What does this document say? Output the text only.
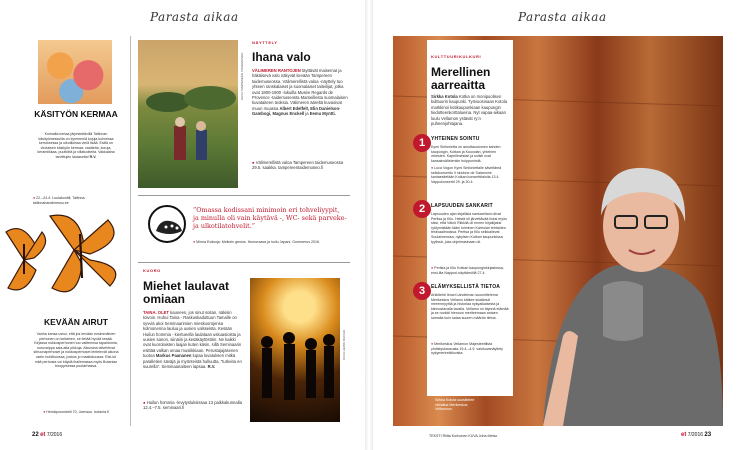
Parasta aikaa
KÄSITYÖN KERMAA
Koimalta kertaa järjestettävillä Tallinnan käsityömessuilla on kymmeniä kojuja kolmessa kerroksessa ja ulkotiloissa vielä lisää. Esillä on virolaisen käsityön kermaa: vaatteita, koruja, keramiikkaa, puuttöitä ja villatuotteita. Vakkaiana tarvittujen lautaselta! R.V.
● 22.–24.4. Luulakonttii, Tallinna. tallinnahandimessu.ee
KEVÄÄN AIRUT
Vanha kansa uskoi, että jos kevään ensimmäinen perhonen on keltainen, se tietää hyvää kesää. Kirjassa nokkosperhonen tuo valtteensa tapahtumia, suruvaippa sala-aita pikkuja. Aikuisina talvehtivat sitruunaperhoset ja nokkosperhoset lentelevät aikona usein huhtikuussa, joskus jo maaliskuussa. Etsi-kö mitä perhosia voi käydä ihailemassa myös Botanian trooppisessa puutarhassa.
● Heinäpuronlahti 70, Joensuu. botania.fi
KUVA TAMPEREEN TAIDEMUSEO
NÄYTTELY
Ihana valo
VÄLIMEREN RANTOJEN täyttävät maisemat ja häkäisevä valo näkyvät kevään Tampereen taidemuseossa. Välimerellistä valoa -näyttely tuo yhteen ranskalaiset ja suomalaiset taiteilijat, jotka ovat 1800-1900 -lukuilla Musée Regards de Provence -taidemuseosta Marseillesta suomalaisen kuvataiteen teoksia. Välimeren ääreltä kuvaoivat muun muassa Albert Edelfelt, Elin Danielson-Gambogi, Magnus Enckell ja Eemu Myntti.
● Välimerellistä valoa Tampereen taidemuseossa 29.5. saakka. tampereentaidemuseo.fi
”Omassa kodissani minimoin eri tohveliyypit, ja minulla oli vain käytävä -, WC- sekä parveke- ja ulkotilatohvelit.”
● Minna Eväsoja: Meikein genius. Humoraava ja hullu Japani. Gummerus 2016.
KUORO
Miehet laulavat omiaan
TAINA. OLET kauneen, jos sinut soitan, näkisin toivoin. Huhui Taina - Raskuskaduttuun Tamalle on syvviä akoi Seminaarimien mieskuorojensa kolmonenna laulua ja uusien valsseista. Kesään Huilun hommia - kiertueella laulataan uskuasioista ja uusien sanon, siinäiin ja kesäkäytöstöin. Ne kaikki ovat kuorolaisten laajan kuten käsin, sillä Seminaarin esittää valkan omaa musiikkiaan. Perustajajäsenen tuotoa Markus Paananen lupaa luvatuksen mitkä paralletien säväjä ja myönteistä hulluutta, "turkeita en suurella". Seminaariaiteen lapsaa. R.V.
● Huilun hommia -levytysluksissaa 13 paikkakunnalla 12.4.–7.5. seminaari.fi
KUVA HEINO RUOHO
22 et 7/2016
Parasta aikaa
KULTTUURIKULKURI
Merellinen aarreaitta
Sirkka Kotola Kotka on monipuolisen kulttuurin kaupunki. Työvuosinaan Kotola markkinoi kotikaupunkiaan kaupungin tiedotteenkorttalueina. Nyt vapaa-aikaan luulu Vellamon ystävät ry:n puheenjohtajana.
YHTEINEN SOINTU
Kymi Sinfonietta on amuttaoulomen kahden kaupungin, Kotkan ja Kouvolan, yhteinen orkesteri. Kapellimestari ja solisti ovat kansainvälistenkin huippunimiä.
● Luca Vogon Kymi Sinfoniettalle säveltämä sellokonsertto Il sindone de Salamone kantaesitetään Kotkan konserttitalolla 13.4. Vappukonsertit 29. ja 30.4.
LAPSUUDEN SANKARIT
Lapsuuden ajan kirjallisia sankareitani olivat Peritsa ja Kilu. Heistä oli järvettävää iloksi myös siksi, että Väinö Riikkilä oli ennen kirjailijaksi ryhtymistään lääni toiminen Karhulan tehtaiden terävaalimoissa. Peritsa ja Kilu seikkailevat Suulaimenssa, nykyisen Kotkan kaupunkissa tyylissä, joka ohjelmasinaan oli.
● Peritsa ja Kilu Kotkan kaupunginkirjastossa, ensi-ilta Nappuri-näyttämöllä 27.4.
ELÄMYKSELLISTÄ TIETOA
Arkkitehti Ilmari Lahdelman suunnittelema Merikeskus Vellamo kätkee sisäänsä merenmyyttiä ja historiaa nykyaikaisesta ja kiinnostavalla tavalla. Vellamo on täynnä elämää: ja se ruokkii hienoon meriteemaan antaen samalla kuin salaa suuren määrän tietoa.
● Merikeskus Vellamon Majesteettiista yhdistyskaususta 19.4.–4.9. valokuvanäyttely nykymeriretkiluvista.
1
2
3
Sirkka Kotola suosittelee vierailua Merikeskus Vellamoon.
TEKSTI Riitta Korhonen KUVA Juha Metso	et 7/2016 23
